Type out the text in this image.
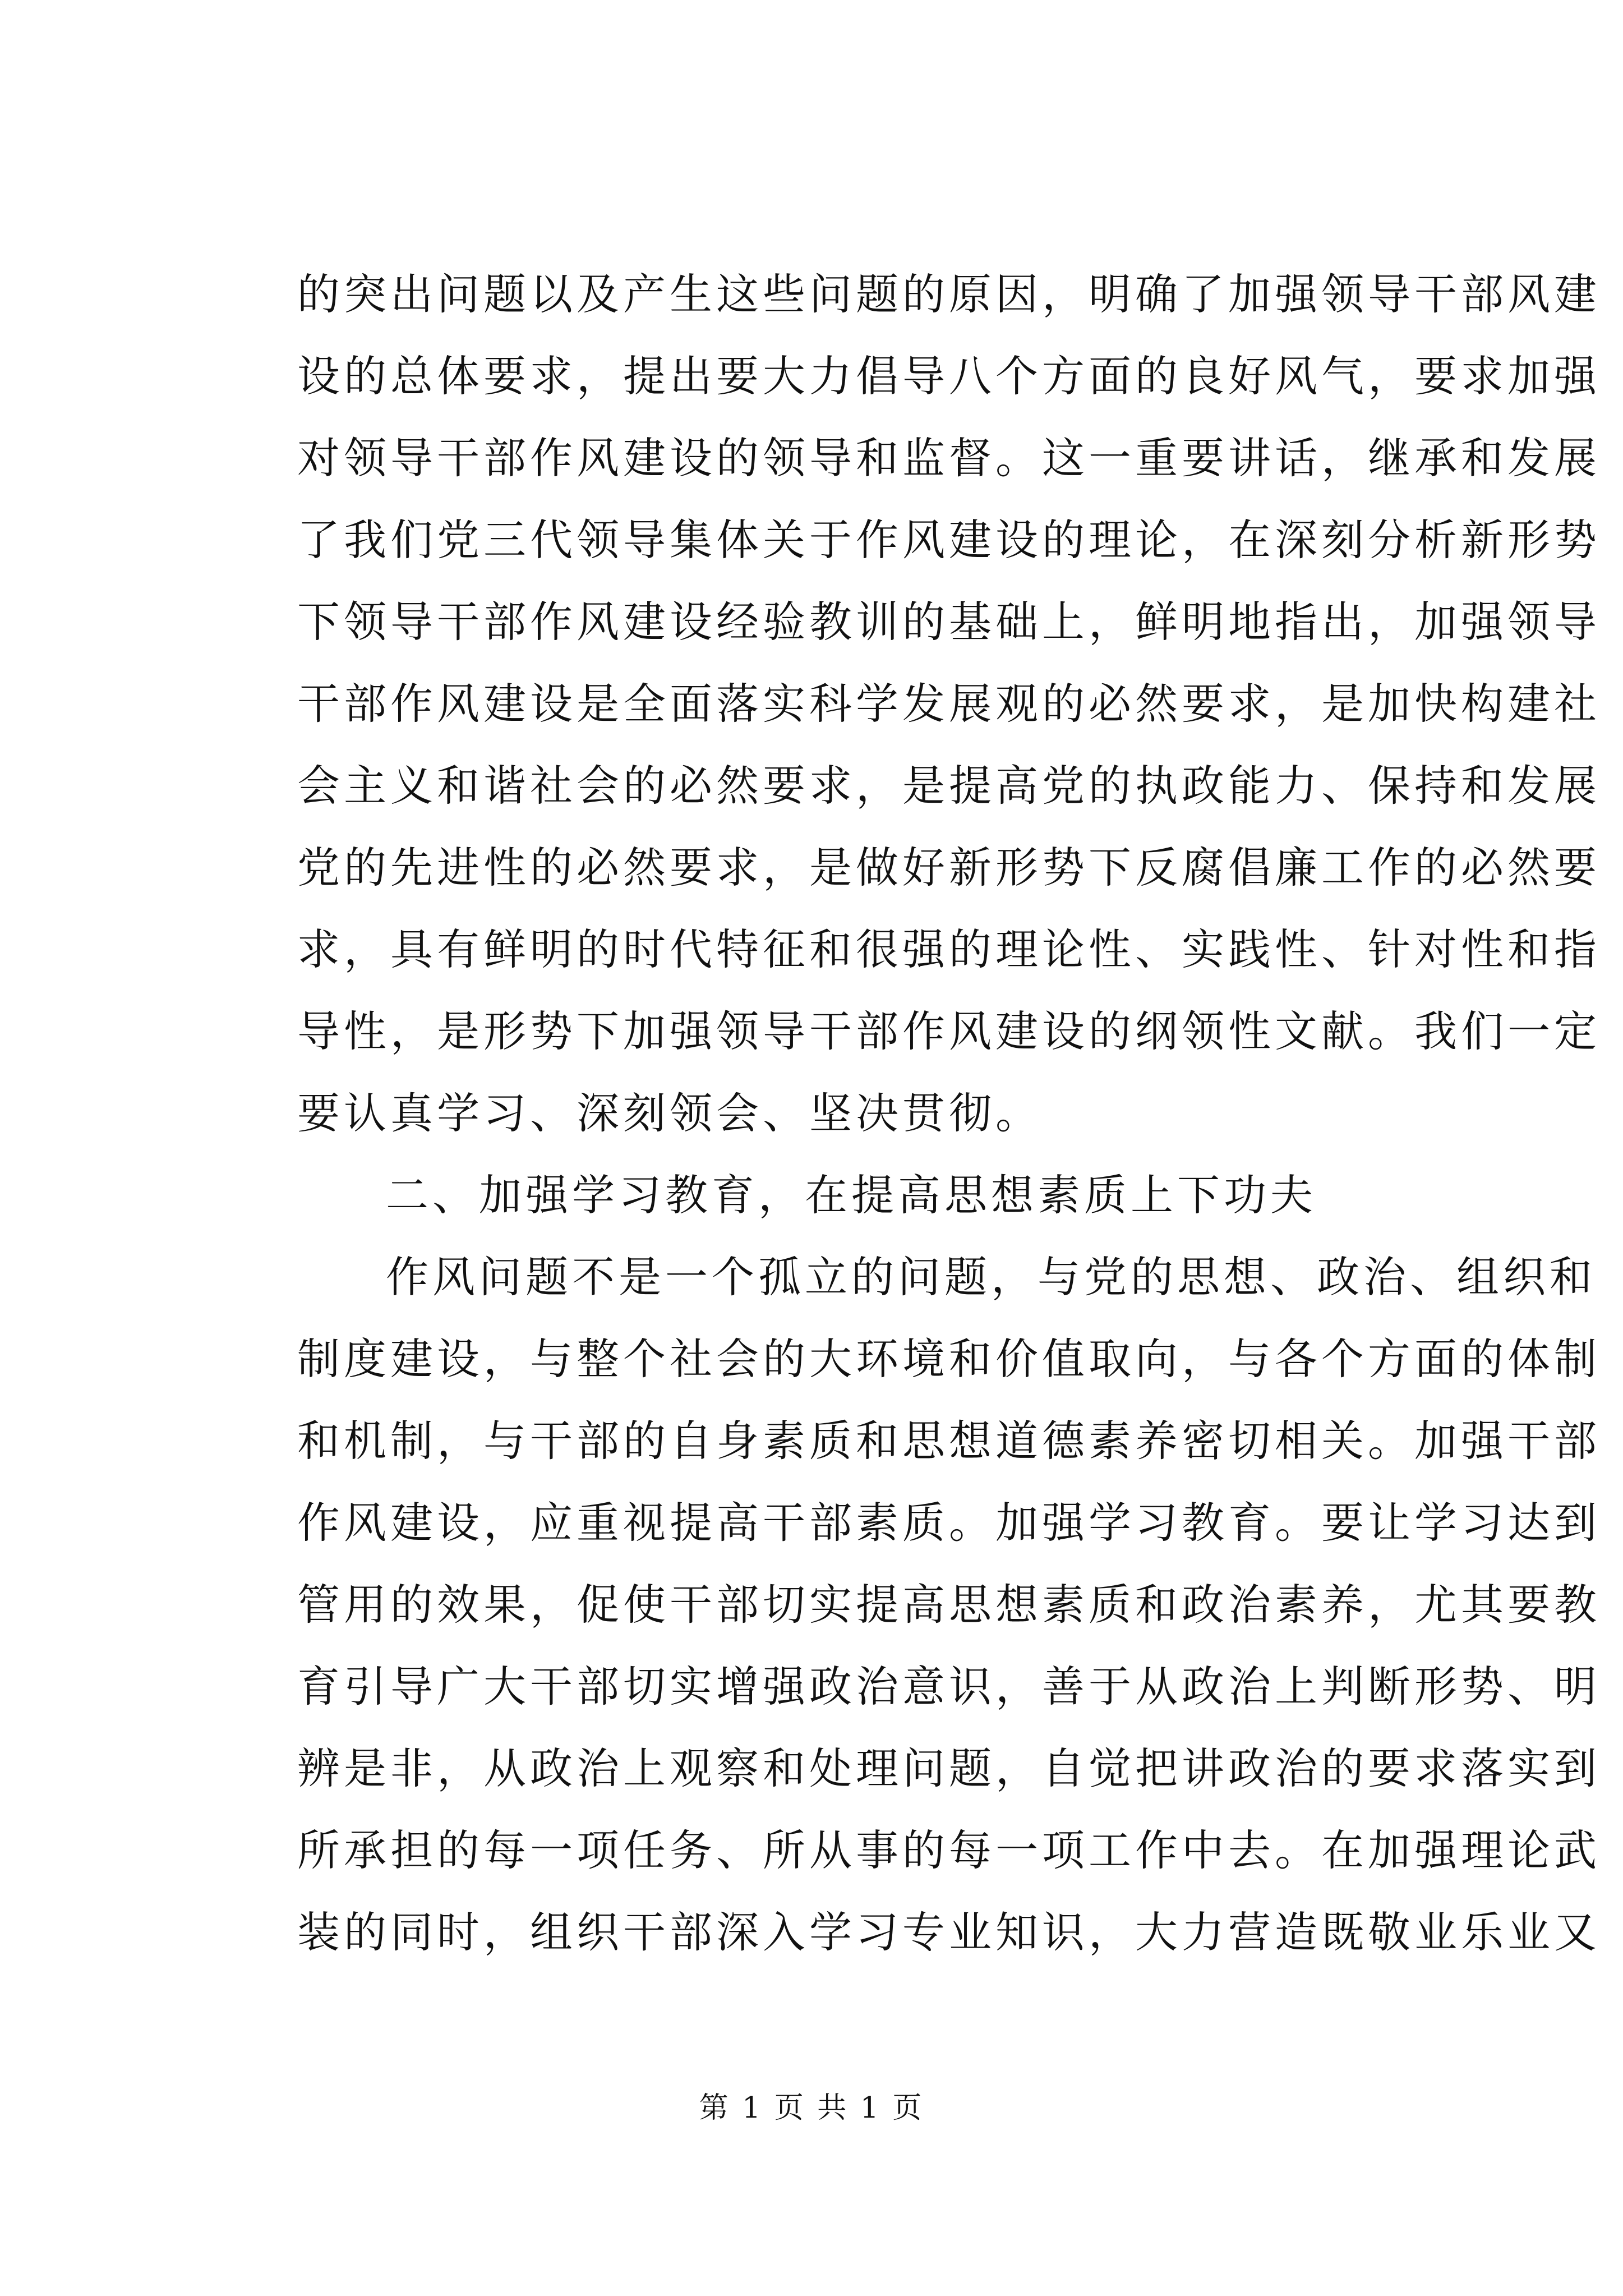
的突出问题以及产生这些问题的原因，明确了加强领导干部风建
设的总体要求，提出要大力倡导八个方面的良好风气，要求加强
对领导干部作风建设的领导和监督。这一重要讲话，继承和发展
了我们党三代领导集体关于作风建设的理论，在深刻分析新形势
下领导干部作风建设经验教训的基础上，鲜明地指出，加强领导
干部作风建设是全面落实科学发展观的必然要求，是加快构建社
会主义和谐社会的必然要求，是提高党的执政能力、保持和发展
党的先进性的必然要求，是做好新形势下反腐倡廉工作的必然要
求，具有鲜明的时代特征和很强的理论性、实践性、针对性和指
导性，是形势下加强领导干部作风建设的纲领性文献。我们一定
要认真学习、深刻领会、坚决贯彻。
二、加强学习教育，在提高思想素质上下功夫
作风问题不是一个孤立的问题，与党的思想、政治、组织和
制度建设，与整个社会的大环境和价值取向，与各个方面的体制
和机制，与干部的自身素质和思想道德素养密切相关。加强干部
作风建设，应重视提高干部素质。加强学习教育。要让学习达到
管用的效果，促使干部切实提高思想素质和政治素养，尤其要教
育引导广大干部切实增强政治意识，善于从政治上判断形势、明
辨是非，从政治上观察和处理问题，自觉把讲政治的要求落实到
所承担的每一项任务、所从事的每一项工作中去。在加强理论武
装的同时，组织干部深入学习专业知识，大力营造既敬业乐业又
第 1 页 共 1 页
